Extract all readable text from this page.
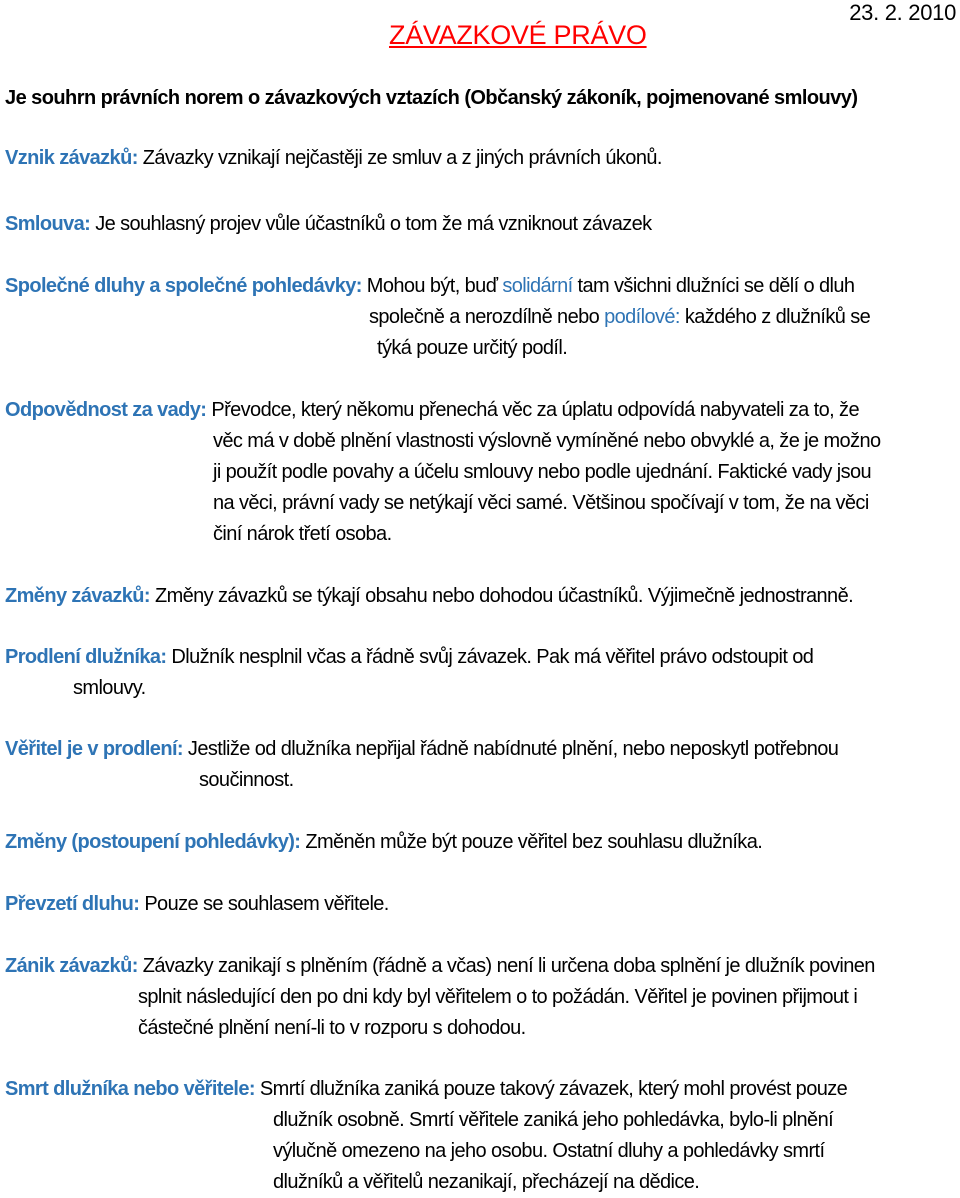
ZÁVAZKOVÉ PRÁVO
23. 2. 2010

Je souhrn právních norem o závazkových vztazích (Občanský zákoník, pojmenované smlouvy)

Vznik závazků: Závazky vznikají nejčastěji ze smluv a z jiných právních úkonů.

Smlouva: Je souhlasný projev vůle účastníků o tom že má vzniknout závazek

Společné dluhy a společné pohledávky: Mohou být, buď solidární tam všichni dlužníci se dělí o dluh
společně a nerozdílně nebo podílové: každého z dlužníků se
týká pouze určitý podíl.

Odpovědnost za vady: Převodce, který někomu přenechá věc za úplatu odpovídá nabyvateli za to, že
věc má v době plnění vlastnosti výslovně vymíněné nebo obvyklé a, že je možno
ji použít podle povahy a účelu smlouvy nebo podle ujednání. Faktické vady jsou
na věci, právní vady se netýkají věci samé. Většinou spočívají v tom, že na věci
činí nárok třetí osoba.

Změny závazků: Změny závazků se týkají obsahu nebo dohodou účastníků. Výjimečně jednostranně.

Prodlení dlužníka: Dlužník nesplnil včas a řádně svůj závazek. Pak má věřitel právo odstoupit od
smlouvy.

Věřitel je v prodlení: Jestliže od dlužníka nepřijal řádně nabídnuté plnění, nebo neposkytl potřebnou
součinnost.

Změny (postoupení pohledávky): Změněn může být pouze věřitel bez souhlasu dlužníka.

Převzetí dluhu: Pouze se souhlasem věřitele.

Zánik závazků: Závazky zanikají s plněním (řádně a včas) není li určena doba splnění je dlužník povinen
splnit následující den po dni kdy byl věřitelem o to požádán. Věřitel je povinen přijmout i
částečné plnění není-li to v rozporu s dohodou.

Smrt dlužníka nebo věřitele: Smrtí dlužníka zaniká pouze takový závazek, který mohl provést pouze
dlužník osobně. Smrtí věřitele zaniká jeho pohledávka, bylo-li plnění
výlučně omezeno na jeho osobu. Ostatní dluhy a pohledávky smrtí
dlužníků a věřitelů nezanikají, přecházejí na dědice.
